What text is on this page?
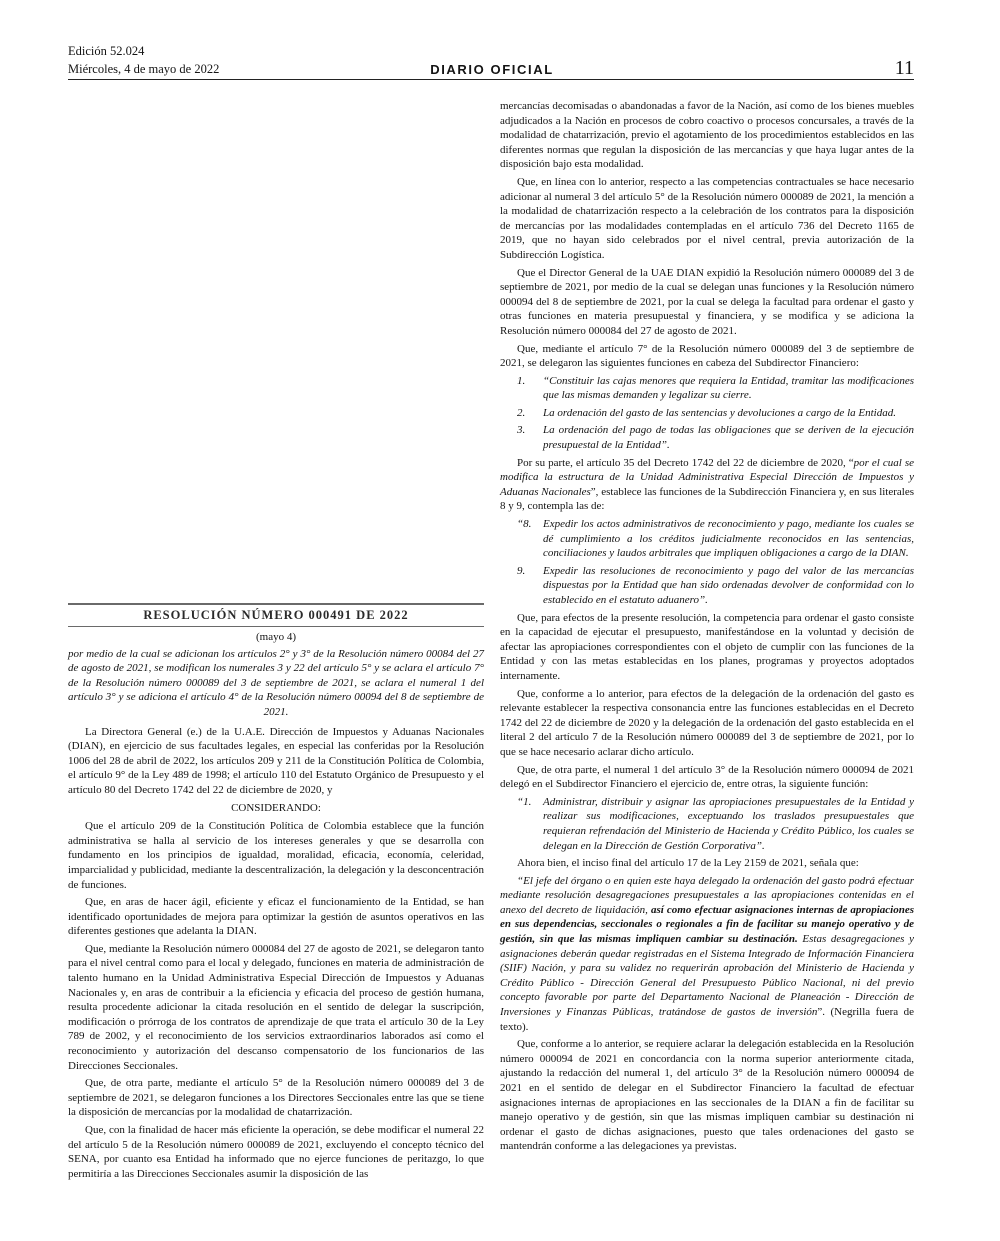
Edición 52.024
Miércoles, 4 de mayo de 2022	DIARIO OFICIAL	11
RESOLUCIÓN NÚMERO 000491 DE 2022
(mayo 4)

por medio de la cual se adicionan los artículos 2° y 3° de la Resolución número 00084 del 27 de agosto de 2021, se modifican los numerales 3 y 22 del artículo 5° y se aclara el artículo 7° de la Resolución número 000089 del 3 de septiembre de 2021, se aclara el numeral 1 del artículo 3° y se adiciona el artículo 4° de la Resolución número 00094 del 8 de septiembre de 2021.

La Directora General (e.) de la U.A.E. Dirección de Impuestos y Aduanas Nacionales (DIAN), en ejercicio de sus facultades legales, en especial las conferidas por la Resolución 1006 del 28 de abril de 2022, los artículos 209 y 211 de la Constitución Política de Colombia, el artículo 9° de la Ley 489 de 1998; el artículo 110 del Estatuto Orgánico de Presupuesto y el artículo 80 del Decreto 1742 del 22 de diciembre de 2020, y

CONSIDERANDO:

Que el artículo 209 de la Constitución Política de Colombia establece que la función administrativa se halla al servicio de los intereses generales y que se desarrolla con fundamento en los principios de igualdad, moralidad, eficacia, economía, celeridad, imparcialidad y publicidad, mediante la descentralización, la delegación y la desconcentración de funciones.

Que, en aras de hacer ágil, eficiente y eficaz el funcionamiento de la Entidad, se han identificado oportunidades de mejora para optimizar la gestión de asuntos operativos en las diferentes gestiones que adelanta la DIAN.

Que, mediante la Resolución número 000084 del 27 de agosto de 2021, se delegaron tanto para el nivel central como para el local y delegado, funciones en materia de administración de talento humano en la Unidad Administrativa Especial Dirección de Impuestos y Aduanas Nacionales y, en aras de contribuir a la eficiencia y eficacia del proceso de gestión humana, resulta procedente adicionar la citada resolución en el sentido de delegar la suscripción, modificación o prórroga de los contratos de aprendizaje de que trata el artículo 30 de la Ley 789 de 2002, y el reconocimiento de los servicios extraordinarios laborados así como el reconocimiento y autorización del descanso compensatorio de los funcionarios de las Direcciones Seccionales.

Que, de otra parte, mediante el artículo 5° de la Resolución número 000089 del 3 de septiembre de 2021, se delegaron funciones a los Directores Seccionales entre las que se tiene la disposición de mercancías por la modalidad de chatarrización.

Que, con la finalidad de hacer más eficiente la operación, se debe modificar el numeral 22 del artículo 5 de la Resolución número 000089 de 2021, excluyendo el concepto técnico del SENA, por cuanto esa Entidad ha informado que no ejerce funciones de peritazgo, lo que permitiría a las Direcciones Seccionales asumir la disposición de las

mercancías decomisadas o abandonadas a favor de la Nación, así como de los bienes muebles adjudicados a la Nación en procesos de cobro coactivo o procesos concursales, a través de la modalidad de chatarrización, previo el agotamiento de los procedimientos establecidos en las diferentes normas que regulan la disposición de las mercancías y que haya lugar antes de la disposición bajo esta modalidad.

Que, en línea con lo anterior, respecto a las competencias contractuales se hace necesario adicionar al numeral 3 del artículo 5° de la Resolución número 000089 de 2021, la mención a la modalidad de chatarrización respecto a la celebración de los contratos para la disposición de mercancías por las modalidades contempladas en el artículo 736 del Decreto 1165 de 2019, que no hayan sido celebrados por el nivel central, previa autorización de la Subdirección Logística.

Que el Director General de la UAE DIAN expidió la Resolución número 000089 del 3 de septiembre de 2021, por medio de la cual se delegan unas funciones y la Resolución número 000094 del 8 de septiembre de 2021, por la cual se delega la facultad para ordenar el gasto y otras funciones en materia presupuestal y financiera, y se modifica y se adiciona la Resolución número 000084 del 27 de agosto de 2021.

Que, mediante el artículo 7° de la Resolución número 000089 del 3 de septiembre de 2021, se delegaron las siguientes funciones en cabeza del Subdirector Financiero:

1.	“Constituir las cajas menores que requiera la Entidad, tramitar las modificaciones que las mismas demanden y legalizar su cierre.
2.	La ordenación del gasto de las sentencias y devoluciones a cargo de la Entidad.
3.	La ordenación del pago de todas las obligaciones que se deriven de la ejecución presupuestal de la Entidad”.

Por su parte, el artículo 35 del Decreto 1742 del 22 de diciembre de 2020, “por el cual se modifica la estructura de la Unidad Administrativa Especial Dirección de Impuestos y Aduanas Nacionales”, establece las funciones de la Subdirección Financiera y, en sus literales 8 y 9, contempla las de:

“8.	Expedir los actos administrativos de reconocimiento y pago, mediante los cuales se dé cumplimiento a los créditos judicialmente reconocidos en las sentencias, conciliaciones y laudos arbitrales que impliquen obligaciones a cargo de la DIAN.
9.	Expedir las resoluciones de reconocimiento y pago del valor de las mercancías dispuestas por la Entidad que han sido ordenadas devolver de conformidad con lo establecido en el estatuto aduanero”.

Que, para efectos de la presente resolución, la competencia para ordenar el gasto consiste en la capacidad de ejecutar el presupuesto, manifestándose en la voluntad y decisión de afectar las apropiaciones correspondientes con el objeto de cumplir con las funciones de la Entidad y con las metas establecidas en los planes, programas y proyectos adoptados internamente.

Que, conforme a lo anterior, para efectos de la delegación de la ordenación del gasto es relevante establecer la respectiva consonancia entre las funciones establecidas en el Decreto 1742 del 22 de diciembre de 2020 y la delegación de la ordenación del gasto establecida en el literal 2 del artículo 7 de la Resolución número 000089 del 3 de septiembre de 2021, por lo que se hace necesario aclarar dicho artículo.

Que, de otra parte, el numeral 1 del artículo 3° de la Resolución número 000094 de 2021 delegó en el Subdirector Financiero el ejercicio de, entre otras, la siguiente función:

“1.	Administrar, distribuir y asignar las apropiaciones presupuestales de la Entidad y realizar sus modificaciones, exceptuando los traslados presupuestales que requieran refrendación del Ministerio de Hacienda y Crédito Público, los cuales se delegan en la Dirección de Gestión Corporativa”.

Ahora bien, el inciso final del artículo 17 de la Ley 2159 de 2021, señala que:

“El jefe del órgano o en quien este haya delegado la ordenación del gasto podrá efectuar mediante resolución desagregaciones presupuestales a las apropiaciones contenidas en el anexo del decreto de liquidación, así como efectuar asignaciones internas de apropiaciones en sus dependencias, seccionales o regionales a fin de facilitar su manejo operativo y de gestión, sin que las mismas impliquen cambiar su destinación. Estas desagregaciones y asignaciones deberán quedar registradas en el Sistema Integrado de Información Financiera (SIIF) Nación, y para su validez no requerirán aprobación del Ministerio de Hacienda y Crédito Público - Dirección General del Presupuesto Público Nacional, ni del previo concepto favorable por parte del Departamento Nacional de Planeación - Dirección de Inversiones y Finanzas Públicas, tratándose de gastos de inversión”. (Negrilla fuera de texto).

Que, conforme a lo anterior, se requiere aclarar la delegación establecida en la Resolución número 000094 de 2021 en concordancia con la norma superior anteriormente citada, ajustando la redacción del numeral 1, del artículo 3° de la Resolución número 000094 de 2021 en el sentido de delegar en el Subdirector Financiero la facultad de efectuar asignaciones internas de apropiaciones en las seccionales de la DIAN a fin de facilitar su manejo operativo y de gestión, sin que las mismas impliquen cambiar su destinación ni ordenar el gasto de dichas asignaciones, puesto que tales ordenaciones del gasto se mantendrán conforme a las delegaciones ya previstas.
